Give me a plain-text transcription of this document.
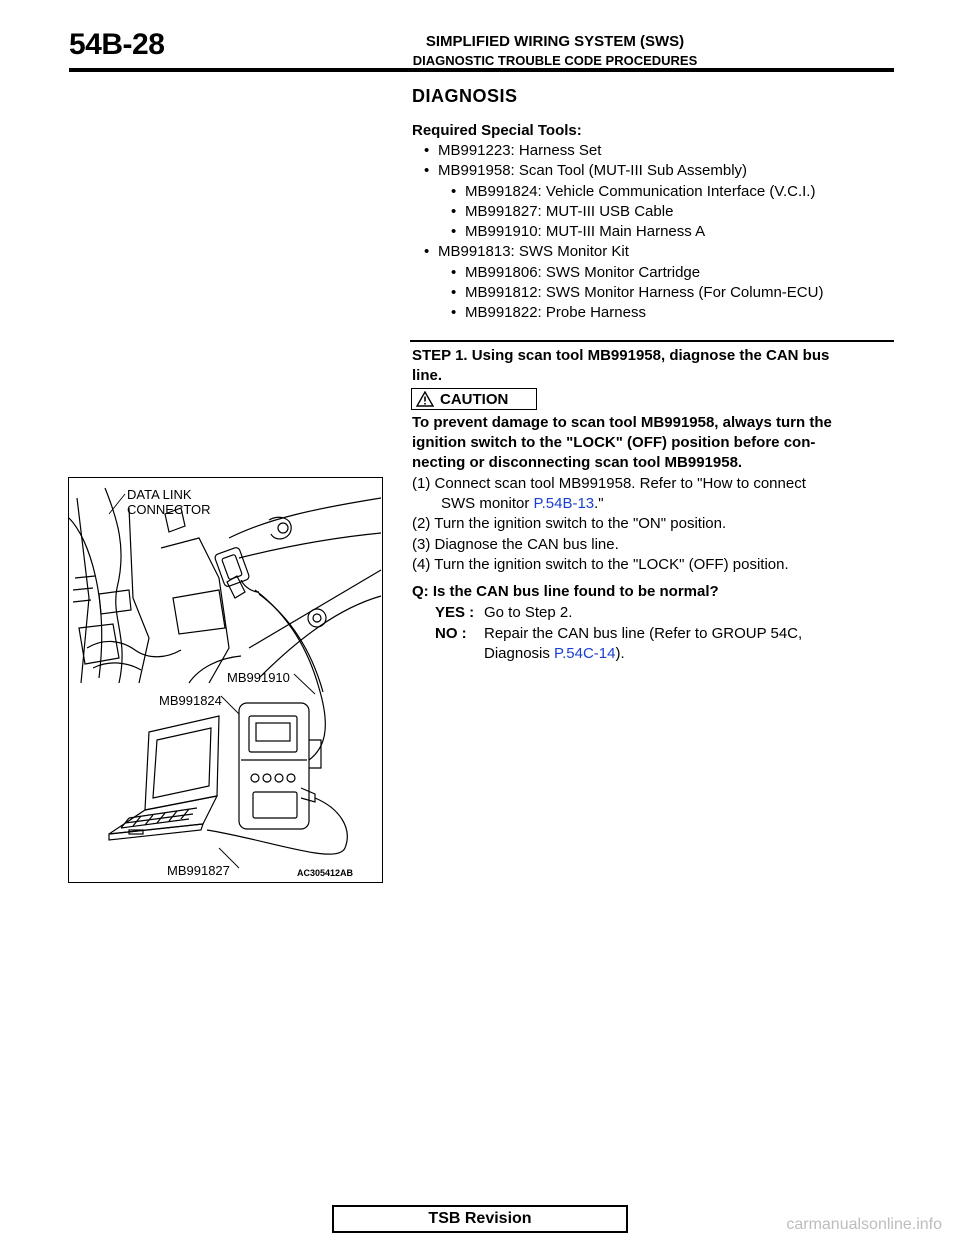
54B-28	SIMPLIFIED WIRING SYSTEM (SWS)
DIAGNOSTIC TROUBLE CODE PROCEDURES
DIAGNOSIS
Required Special Tools:
• MB991223: Harness Set
• MB991958: Scan Tool (MUT-III Sub Assembly)
• MB991824: Vehicle Communication Interface (V.C.I.)
• MB991827: MUT-III USB Cable
• MB991910: MUT-III Main Harness A
• MB991813: SWS Monitor Kit
• MB991806: SWS Monitor Cartridge
• MB991812: SWS Monitor Harness (For Column-ECU)
• MB991822: Probe Harness
STEP 1. Using scan tool MB991958, diagnose the CAN bus
line.
CAUTION
To prevent damage to scan tool MB991958, always turn the
ignition switch to the "LOCK" (OFF) position before con-
necting or disconnecting scan tool MB991958.
(1) Connect scan tool MB991958. Refer to "How to connect
SWS monitor P.54B-13."
(2) Turn the ignition switch to the "ON" position.
(3) Diagnose the CAN bus line.
(4) Turn the ignition switch to the "LOCK" (OFF) position.
Q: Is the CAN bus line found to be normal?
YES : Go to Step 2.
NO : Repair the CAN bus line (Refer to GROUP 54C,
Diagnosis P.54C-14).
DATA LINK
CONNECTOR
MB991910
MB991824
MB991827	AC305412AB
TSB Revision	carmanualsonline.info
